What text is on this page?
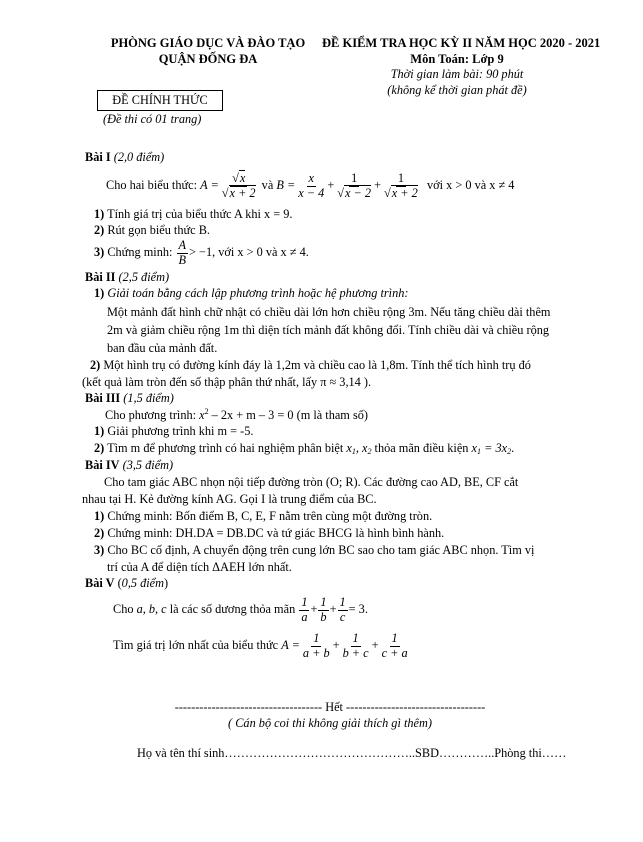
PHÒNG GIÁO DỤC VÀ ĐÀO TẠO
QUẬN ĐỐNG ĐA
ĐỀ KIỂM TRA HỌC KỲ II NĂM HỌC 2020 - 2021
Môn Toán: Lớp 9
Thời gian làm bài: 90 phút
(không kể thời gian phát đề)
ĐỀ CHÍNH THỨC
(Đề thi có 01 trang)
Bài I (2,0 điểm)
Cho hai biểu thức:
$A = \frac{√x}{√x + 2}$
và
$B = \frac{x}{x - 4} + \frac{1}{√x - 2} + \frac{1}{√x + 2}$
với x > 0 và x ≠ 4
1) Tính giá trị của biểu thức A khi x = 9.
2) Rút gọn biểu thức B.
3)
Chứng minh:
$\frac{A}{B} > -1$, với x > 0 và x ≠ 4.
Bài II (2,5 điểm)
1) Giải toán bằng cách lập phương trình hoặc hệ phương trình:
Một mảnh đất hình chữ nhật có chiều dài lớn hơn chiều rộng 3m. Nếu tăng chiều dài thêm
2m và giảm chiều rộng 1m thì diện tích mảnh đất không đổi. Tính chiều dài và chiều rộng
ban đầu của mảnh đất.
2) Một hình trụ có đường kính đáy là 1,2m và chiều cao là 1,8m. Tính thể tích hình trụ đó
(kết quả làm tròn đến số thập phân thứ nhất, lấy π ≈ 3,14 ).
Bài III (1,5 điểm)
Cho phương trình: $x^2 - 2x + m - 3 = 0$ (m là tham số)
1) Giải phương trình khi m = -5.
2) Tìm m để phương trình có hai nghiệm phân biệt $x_1$, $x_2$ thỏa mãn điều kiện $x_1 = 3x_2$.
Bài IV (3,5 điểm)
Cho tam giác ABC nhọn nội tiếp đường tròn (O; R). Các đường cao AD, BE, CF cắt
nhau tại H. Kẻ đường kính AG. Gọi I là trung điểm của BC.
1) Chứng minh: Bốn điểm B, C, E, F nằm trên cùng một đường tròn.
2) Chứng minh: DH.DA = DB.DC và tứ giác BHCG là hình bình hành.
3) Cho BC cố định, A chuyển động trên cung lớn BC sao cho tam giác ABC nhọn. Tìm vị
trí của A để diện tích ΔAEH lớn nhất.
Bài V (0,5 điểm)
Cho
a, b, c
là các số dương thỏa mãn
$\frac{1}{a} + \frac{1}{b} + \frac{1}{c} = 3$.
Tìm giá trị lớn nhất của biểu thức
$A = \frac{1}{a + b} + \frac{1}{b + c} + \frac{1}{c + a}$
------------------------------------ Hết ----------------------------------
( Cán bộ coi thi không giải thích gì thêm)
Họ và tên thí sinh………………………………………..SBD…………..Phòng thi……
